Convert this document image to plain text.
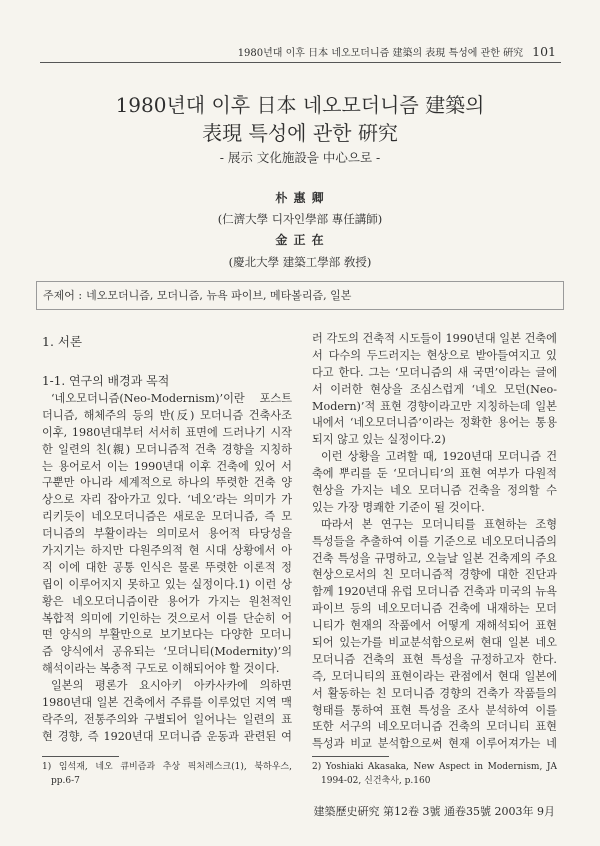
1980년대 이후 日本 네오모더니즘 建築의 表現 특성에 관한 硏究 101
1980년대 이후 日本 네오모더니즘 建築의
表現 특성에 관한 硏究
- 展示 文化施設을 中心으로 -
朴 惠 卿
(仁濟大學 디자인學部 專任講師)
金 正 在
(慶北大學 建築工學部 敎授)
주제어 : 네오모더니즘, 모더니즘, 뉴욕 파이브, 메타볼리즘, 일본
1. 서론
1-1. 연구의 배경과 목적
‘네오모더니즘(Neo-Modernism)’이란 포스트
더니즘, 해체주의 등의 반(反) 모더니즘 건축사조
이후, 1980년대부터 서서히 표면에 드러나기 시작
한 일련의 친(親) 모더니즘적 건축 경향을 지칭하
는 용어로서 이는 1990년대 이후 건축에 있어 서
구뿐만 아니라 세계적으로 하나의 뚜렷한 건축 양
상으로 자리 잡아가고 있다. ‘네오’라는 의미가 가
리키듯이 네오모더니즘은 새로운 모더니즘, 즉 모
더니즘의 부활이라는 의미로서 용어적 타당성을
가지기는 하지만 다원주의적 현 시대 상황에서 아
직 이에 대한 공통 인식은 물론 뚜렷한 이론적 정
립이 이루어지지 못하고 있는 실정이다.1) 이런 상
황은 네오모더니즘이란 용어가 가지는 원천적인
복합적 의미에 기인하는 것으로서 이를 단순히 어
떤 양식의 부활만으로 보기보다는 다양한 모더니
즘 양식에서 공유되는 ‘모더니티(Modernity)’의
해석이라는 복층적 구도로 이해되어야 할 것이다.
일본의 평론가 요시아키 아카사카에 의하면
1980년대 일본 건축에서 주류를 이루었던 지역 맥
락주의, 전통주의와 구별되어 일어나는 일련의 표
현 경향, 즉 1920년대 모더니즘 운동과 관련된 여
러 각도의 건축적 시도들이 1990년대 일본 건축에
서 다수의 두드러지는 현상으로 받아들여지고 있
다고 한다. 그는 ‘모더니즘의 새 국면’이라는 글에
서 이러한 현상을 조심스럽게 ‘네오 모던(Neo-
Modern)’적 표현 경향이라고만 지칭하는데 일본
내에서 ‘네오모더니즘’이라는 정확한 용어는 통용
되지 않고 있는 실정이다.2)
이런 상황을 고려할 때, 1920년대 모더니즘 건
축에 뿌리를 둔 ‘모더니티’의 표현 여부가 다원적
현상을 가지는 네오 모더니즘 건축을 정의할 수
있는 가장 명쾌한 기준이 될 것이다.
따라서 본 연구는 모더니티를 표현하는 조형
특성들을 추출하여 이를 기준으로 네오모더니즘의
건축 특성을 규명하고, 오늘날 일본 건축계의 주요
현상으로서의 친 모더니즘적 경향에 대한 진단과
함께 1920년대 유럽 모더니즘 건축과 미국의 뉴욕
파이브 등의 네오모더니즘 건축에 내재하는 모더
니티가 현재의 작품에서 어떻게 재해석되어 표현
되어 있는가를 비교분석함으로써 현대 일본 네오
모더니즘 건축의 표현 특성을 규정하고자 한다.
즉, 모더니티의 표현이라는 관점에서 현대 일본에
서 활동하는 친 모더니즘 경향의 건축가 작품들의
형태를 통하여 표현 특성을 조사 분석하여 이를
또한 서구의 네오모더니즘 건축의 모더니티 표현
특성과 비교 분석함으로써 현재 이루어져가는 네
1) 임석재, 네오 큐비즘과 추상 픽처레스크(1), 북하우스,
pp.6-7
2) Yoshiaki Akasaka, New Aspect in Modernism, JA
1994-02, 신건축사, p.160
建築歷史硏究 第12卷 3號 通卷35號 2003年 9月
